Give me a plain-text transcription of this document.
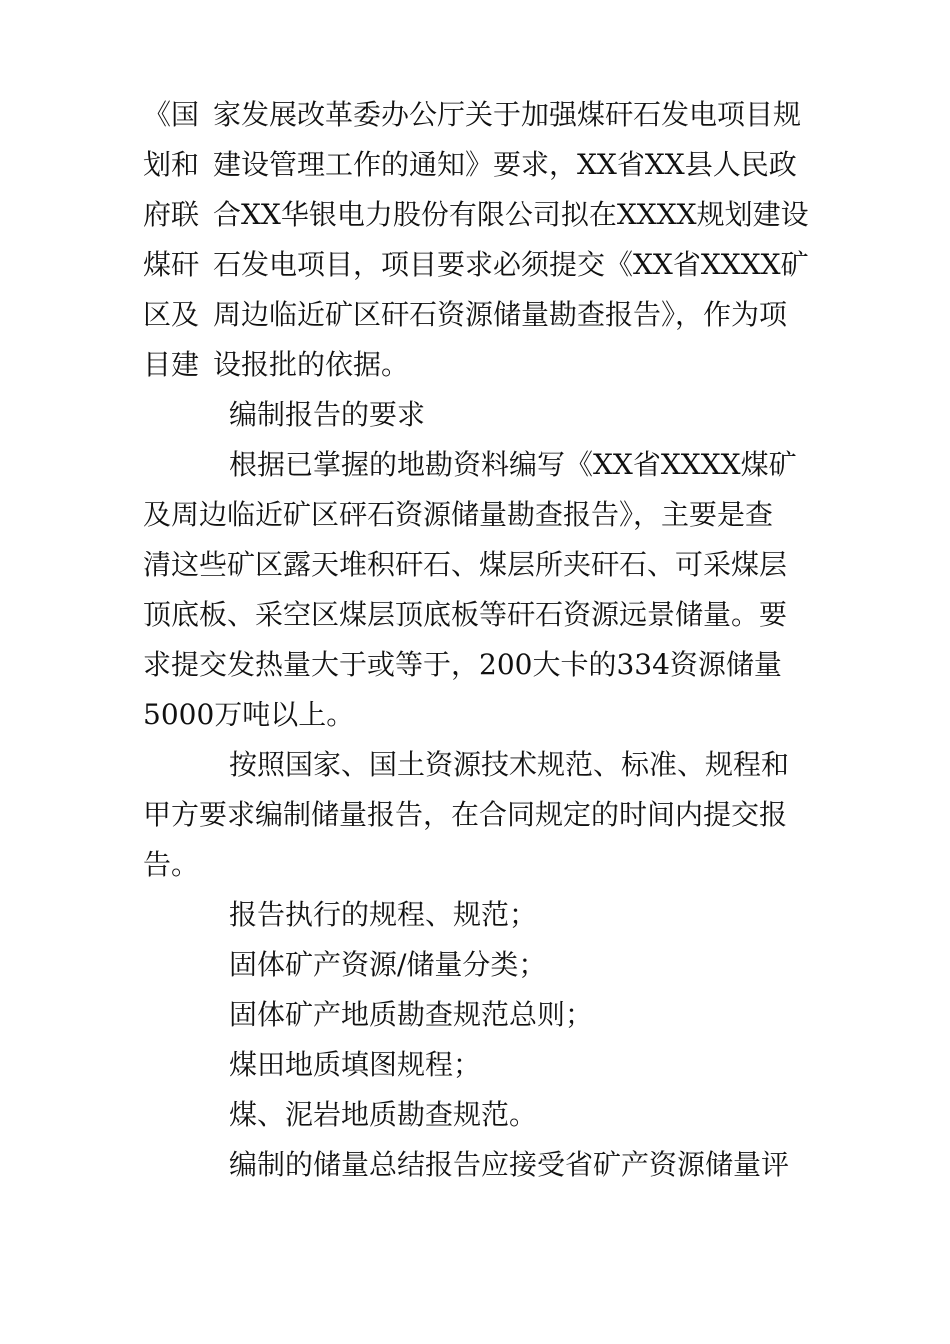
《国 家发展改革委办公厅关于加强煤矸石发电项目规
划和 建设管理工作的通知》要求，XX省XX县人民政
府联 合XX华银电力股份有限公司拟在XXXX规划建设
煤矸 石发电项目，项目要求必须提交《XX省XXXX矿
区及 周边临近矿区矸石资源储量勘查报告》，作为项
目建 设报批的依据。
编制报告的要求
根据已掌握的地勘资料编写《XX省XXXX煤矿
及周边临近矿区砰石资源储量勘查报告》，主要是查
清这些矿区露天堆积矸石、煤层所夹矸石、可采煤层
顶底板、采空区煤层顶底板等矸石资源远景储量。要
求提交发热量大于或等于，200大卡的334资源储量
5000万吨以上。
按照国家、国土资源技术规范、标准、规程和
甲方要求编制储量报告，在合同规定的时间内提交报
告。
报告执行的规程、规范；
固体矿产资源/储量分类；
固体矿产地质勘查规范总则；
煤田地质填图规程；
煤、泥岩地质勘查规范。
编制的储量总结报告应接受省矿产资源储量评
